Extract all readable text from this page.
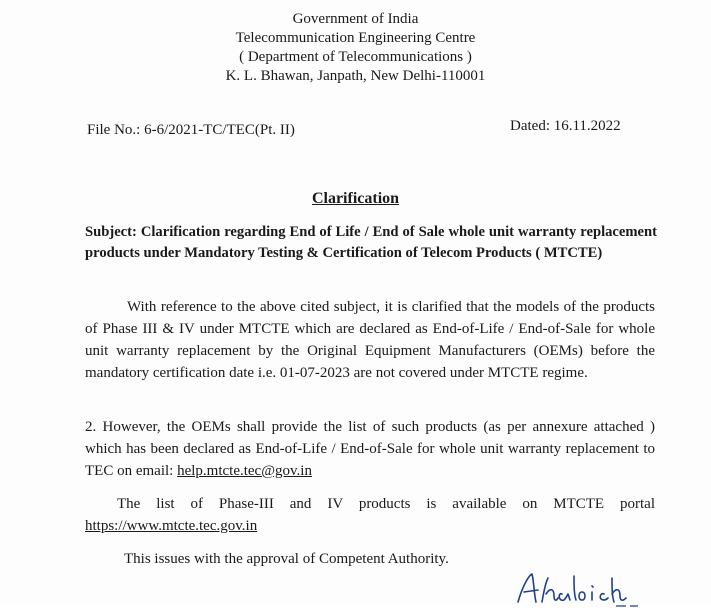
Government of India
Telecommunication Engineering Centre
( Department of Telecommunications )
K. L. Bhawan, Janpath, New Delhi-110001
File No.: 6-6/2021-TC/TEC(Pt. II)	Dated: 16.11.2022
Clarification
Subject: Clarification regarding End of Life / End of Sale whole unit warranty replacement products under Mandatory Testing & Certification of Telecom Products ( MTCTE)
With reference to the above cited subject, it is clarified that the models of the products of Phase III & IV under MTCTE which are declared as End-of-Life / End-of-Sale for whole unit warranty replacement by the Original Equipment Manufacturers (OEMs) before the mandatory certification date i.e. 01-07-2023 are not covered under MTCTE regime.
2. However, the OEMs shall provide the list of such products (as per annexure attached ) which has been declared as End-of-Life / End-of-Sale for whole unit warranty replacement to TEC on email: help.mtcte.tec@gov.in
The list of Phase-III and IV products is available on MTCTE portal https://www.mtcte.tec.gov.in
This issues with the approval of Competent Authority.
